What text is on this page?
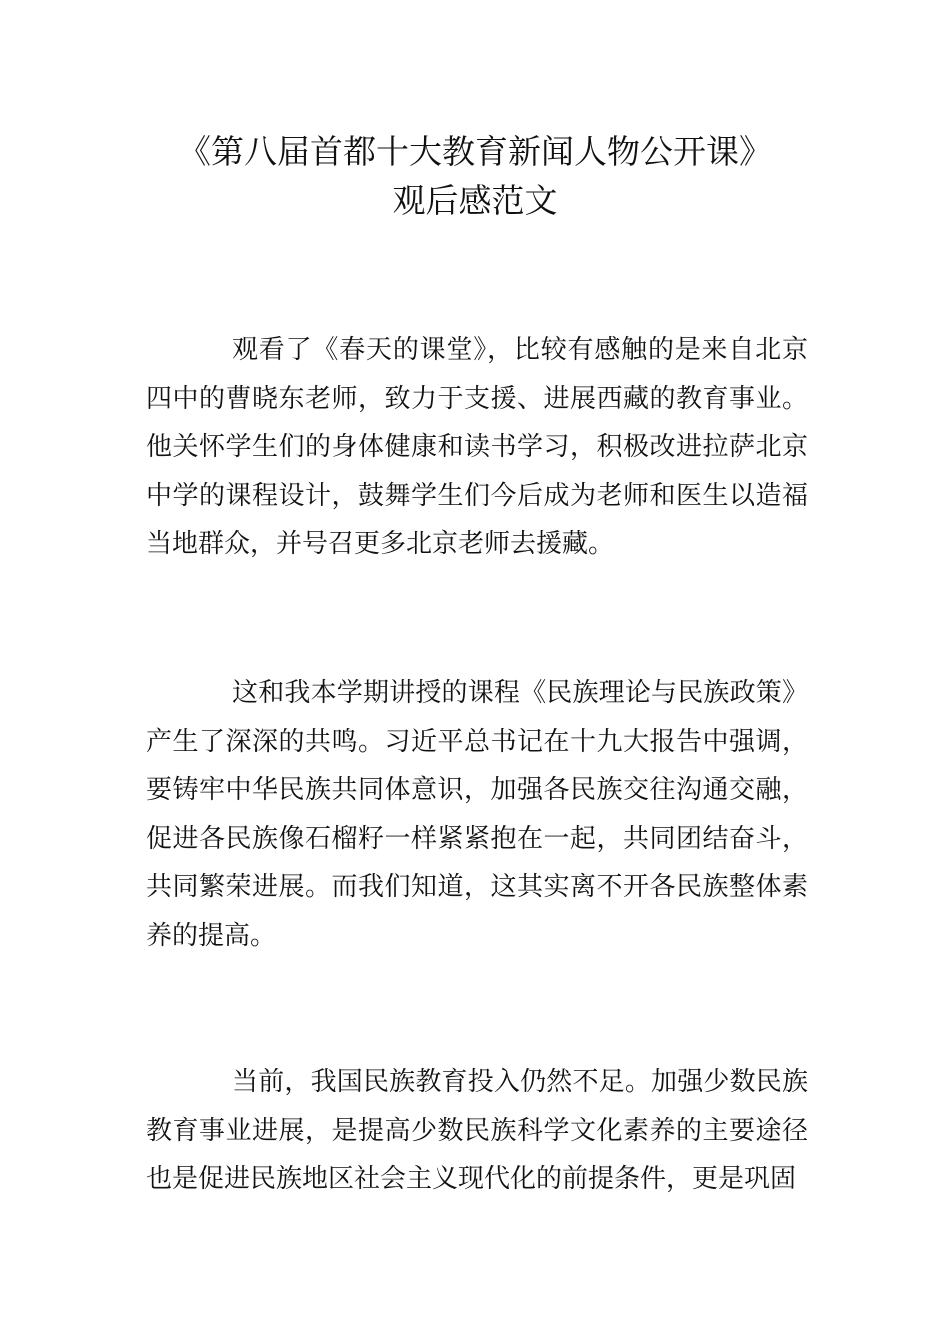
《第八届首都十大教育新闻人物公开课》
观后感范文

观看了《春天的课堂》，比较有感触的是来自北京四中的曹晓东老师，致力于支援、进展西藏的教育事业。他关怀学生们的身体健康和读书学习，积极改进拉萨北京中学的课程设计，鼓舞学生们今后成为老师和医生以造福当地群众，并号召更多北京老师去援藏。

这和我本学期讲授的课程《民族理论与民族政策》产生了深深的共鸣。习近平总书记在十九大报告中强调，要铸牢中华民族共同体意识，加强各民族交往沟通交融，促进各民族像石榴籽一样紧紧抱在一起，共同团结奋斗，共同繁荣进展。而我们知道，这其实离不开各民族整体素养的提高。

当前，我国民族教育投入仍然不足。加强少数民族教育事业进展，是提高少数民族科学文化素养的主要途径也是促进民族地区社会主义现代化的前提条件，更是巩固
